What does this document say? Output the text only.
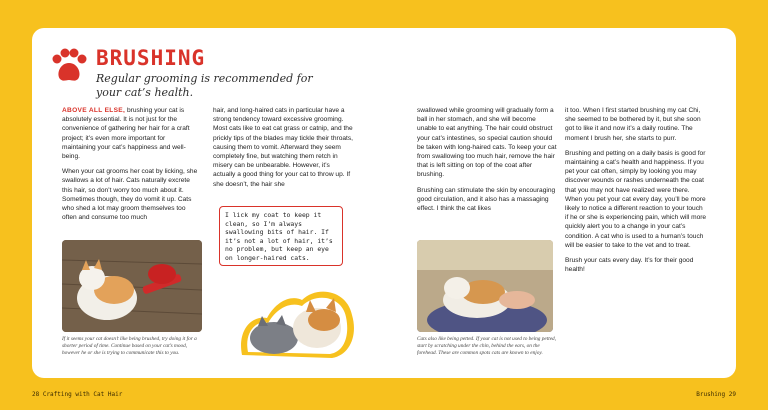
BRUSHING

Regular grooming is recommended for your cat’s health.

ABOVE ALL ELSE, brushing your cat is absolutely essential. It is not just for the convenience of gathering her hair for a craft project; it’s even more important for maintaining your cat’s happiness and well-being.

When your cat grooms her coat by licking, she swallows a lot of hair. Cats naturally excrete this hair, so don’t worry too much about it. Sometimes though, they do vomit it up. Cats who shed a lot may groom themselves too often and consume too much

hair, and long-haired cats in particular have a strong tendency toward excessive grooming. Most cats like to eat cat grass or catnip, and the prickly tips of the blades may tickle their throats, causing them to vomit. Afterward they seem completely fine, but watching them retch in misery can be unbearable. However, it’s actually a good thing for your cat to throw up. If she doesn’t, the hair she

swallowed while grooming will gradually form a ball in her stomach, and she will become unable to eat anything. The hair could obstruct your cat’s intestines, so special caution should be taken with long-haired cats. To keep your cat from swallowing too much hair, remove the hair that is left sitting on top of the coat after brushing.

Brushing can stimulate the skin by encouraging good circulation, and it also has a massaging effect. I think the cat likes

it too. When I first started brushing my cat Chi, she seemed to be bothered by it, but she soon got to like it and now it’s a daily routine. The moment I brush her, she starts to purr.

Brushing and petting on a daily basis is good for maintaining a cat’s health and happiness. If you pet your cat often, simply by looking you may discover wounds or rashes underneath the coat that you may not have realized were there. When you pet your cat every day, you’ll be more likely to notice a different reaction to your touch if he or she is experiencing pain, which will more quickly alert you to a change in your cat’s condition. A cat who is used to a human’s touch will be easier to take to the vet and to treat.

Brush your cats every day. It’s for their good health!

If it seems your cat doesn’t like being brushed, try doing it for a shorter period of time. Continue based on your cat’s mood, however he or she is trying to communicate this to you.
I lick my coat to keep it clean, so I’m always swallowing bits of hair. If it’s not a lot of hair, it’s no problem, but keep an eye on longer-haired cats.
Cats also like being petted. If your cat is not used to being petted, start by scratching under the chin, behind the ears, on the forehead. These are common spots cats are known to enjoy.
28 Crafting with Cat Hair	Brushing 29
